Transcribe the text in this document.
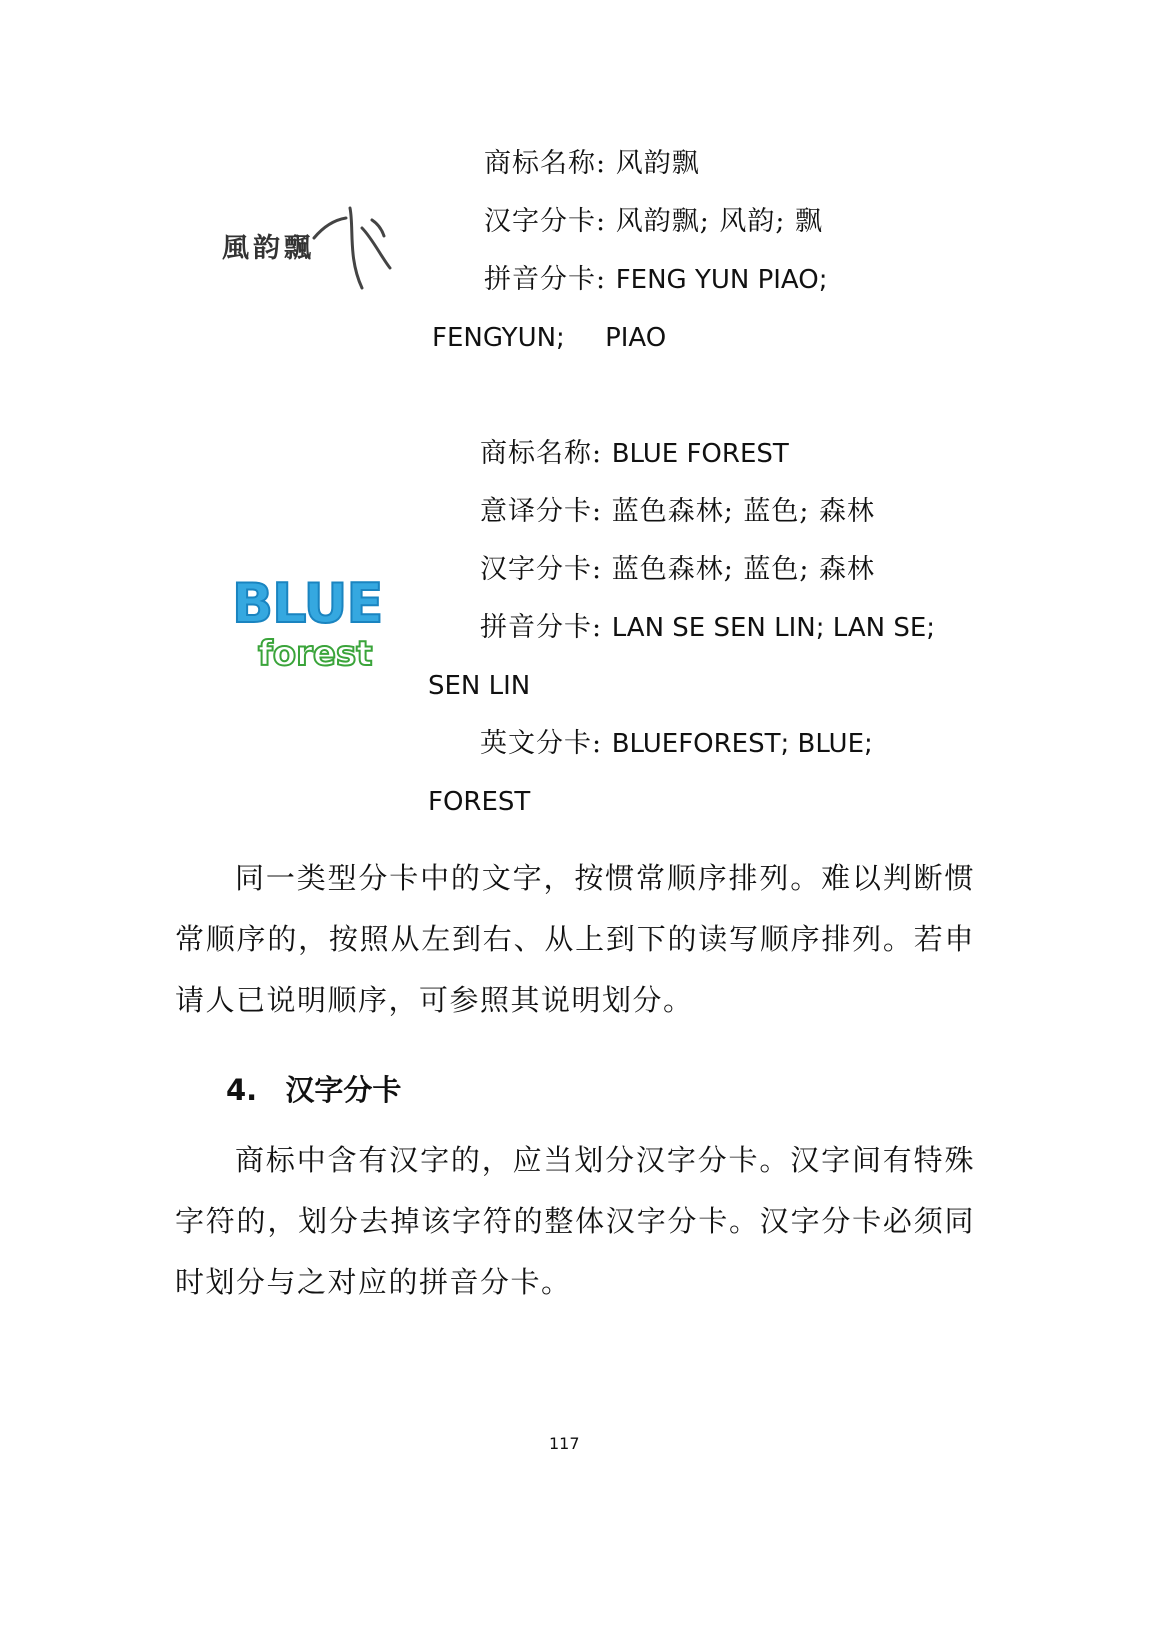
風韵飄
商标名称: 风韵飘
汉字分卡: 风韵飘; 风韵; 飘
拼音分卡: FENG YUN PIAO;
FENGYUN; PIAO
BLUE
forest
商标名称: BLUE FOREST
意译分卡: 蓝色森林; 蓝色; 森林
汉字分卡: 蓝色森林; 蓝色; 森林
拼音分卡: LAN SE SEN LIN; LAN SE;
SEN LIN
英文分卡: BLUEFOREST; BLUE;
FOREST

同一类型分卡中的文字，按惯常顺序排列。难以判断惯常顺序的，按照从左到右、从上到下的读写顺序排列。若申请人已说明顺序，可参照其说明划分。

4. 汉字分卡

商标中含有汉字的，应当划分汉字分卡。汉字间有特殊字符的，划分去掉该字符的整体汉字分卡。汉字分卡必须同时划分与之对应的拼音分卡。

117
